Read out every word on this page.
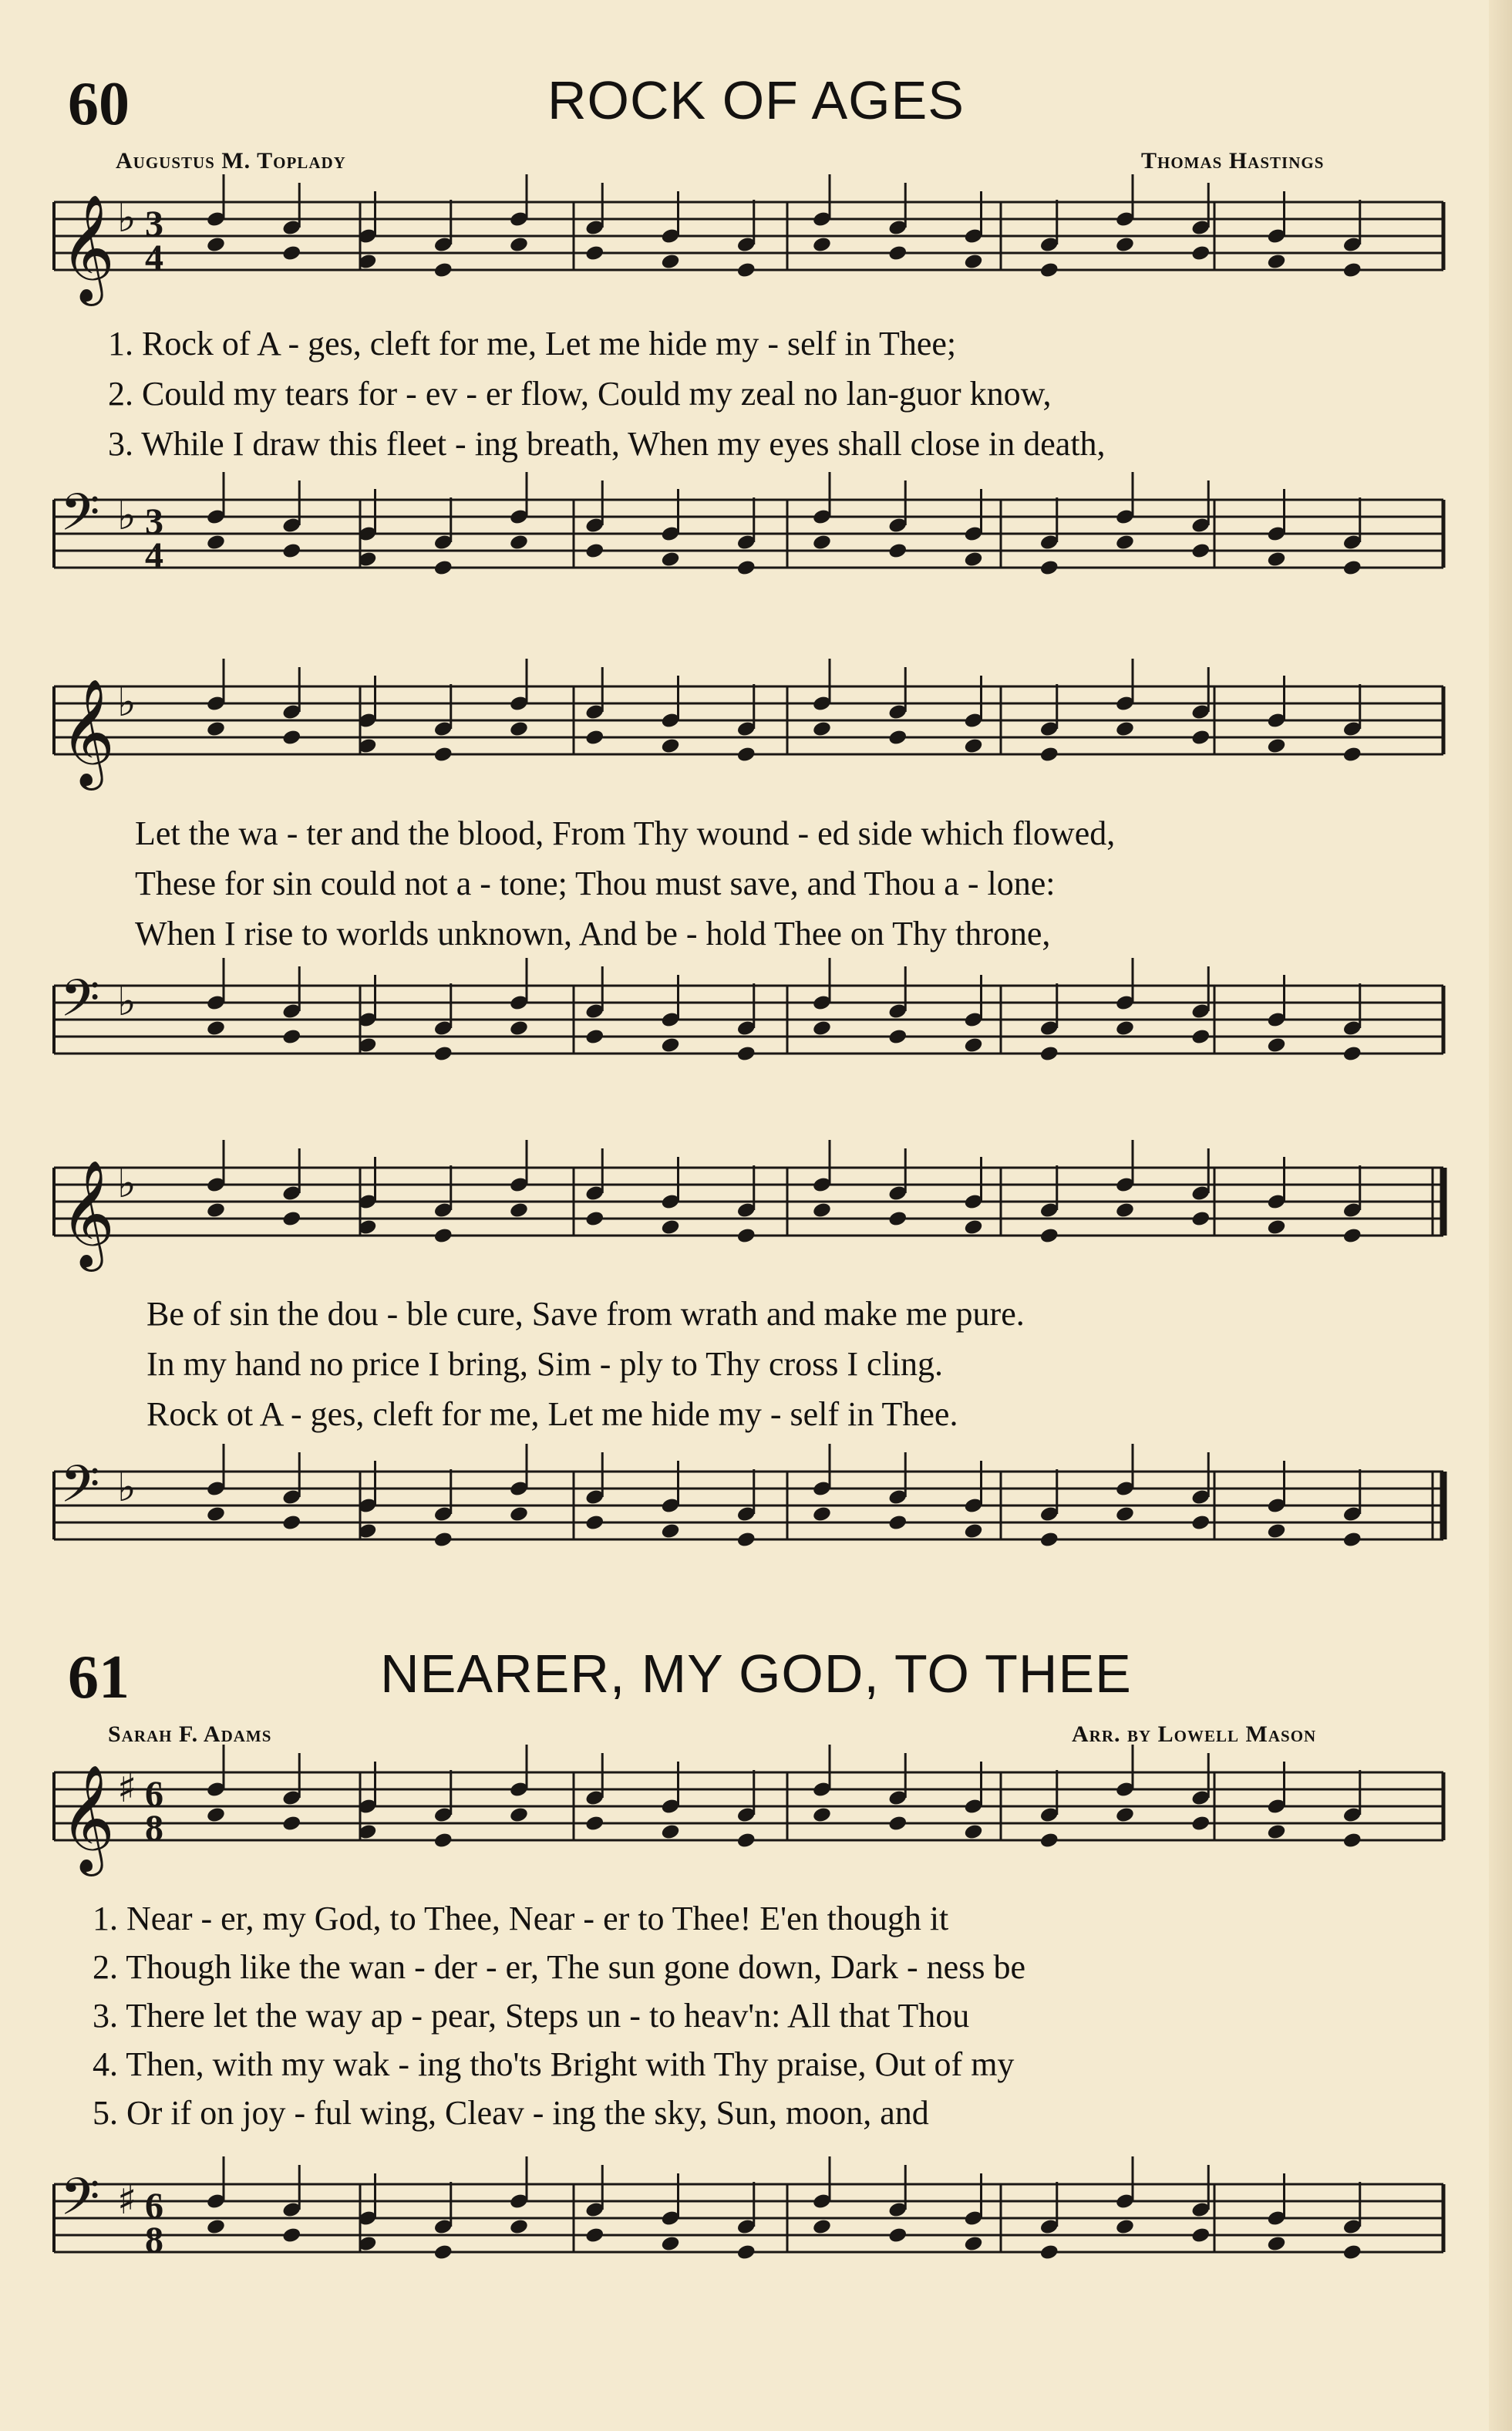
60	ROCK OF AGES
Augustus M. Toplady	Thomas Hastings
𝄞 ♭ 3
4
𝄢 ♭ 3
4
1. Rock of A - ges, cleft for me, Let me hide my - self in Thee;
2. Could my tears for - ev - er flow, Could my zeal no lan-guor know,
3. While I draw this fleet - ing breath, When my eyes shall close in death,
𝄞 ♭
Let the wa - ter and the blood, From Thy wound - ed side which flowed,
These for sin could not a - tone; Thou must save, and Thou a - lone:
When I rise to worlds unknown, And be - hold Thee on Thy throne,
𝄢 ♭
𝄞 ♭
Be of sin the dou - ble cure, Save from wrath and make me pure.
In my hand no price I bring, Sim - ply to Thy cross I cling.
Rock ot A - ges, cleft for me, Let me hide my - self in Thee.
𝄢 ♭
61	NEARER, MY GOD, TO THEE
Sarah F. Adams	Arr. by Lowell Mason
𝄞 ♯ 6
8
1. Near - er, my God, to Thee, Near - er to Thee! E'en though it
2. Though like the wan - der - er, The sun gone down, Dark - ness be
3. There let the way ap - pear, Steps un - to heav'n: All that Thou
4. Then, with my wak - ing tho'ts Bright with Thy praise, Out of my
5. Or if on joy - ful wing, Cleav - ing the sky, Sun, moon, and
𝄢 ♯ 6
8
